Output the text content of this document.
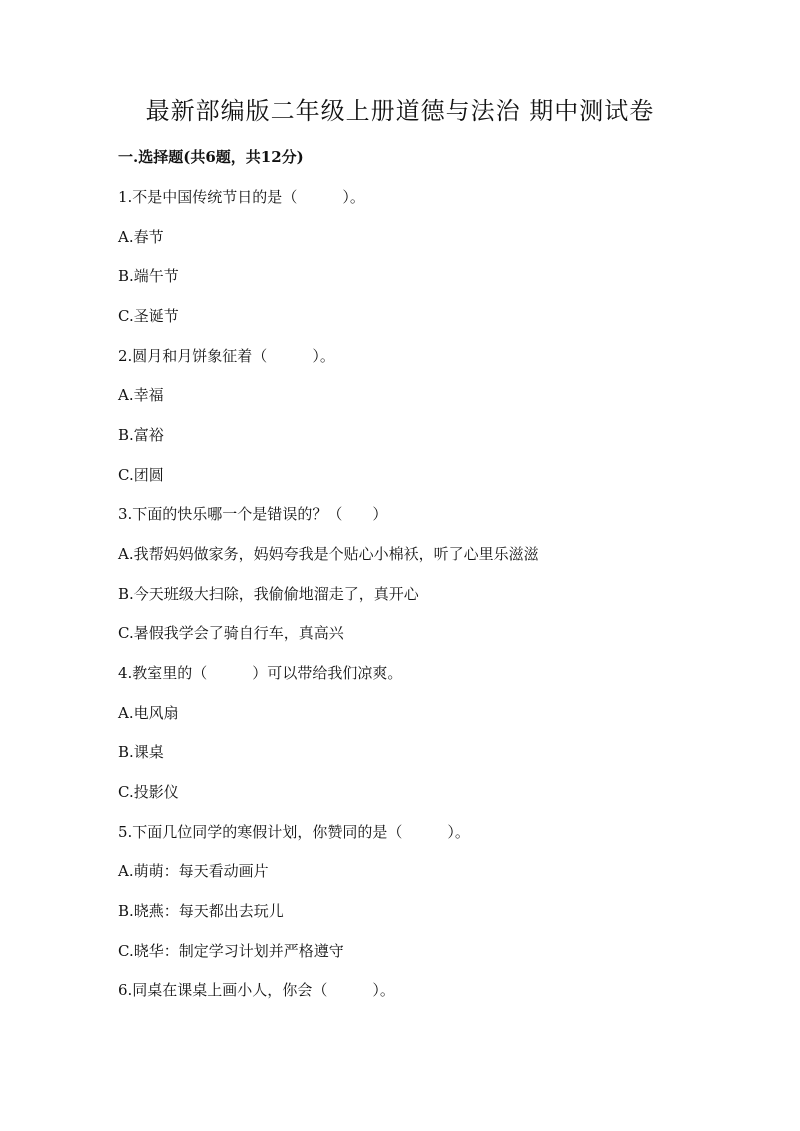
最新部编版二年级上册道德与法治 期中测试卷
一.选择题(共6题，共12分)
1.不是中国传统节日的是（　　　）。
A.春节
B.端午节
C.圣诞节
2.圆月和月饼象征着（　　　）。
A.幸福
B.富裕
C.团圆
3.下面的快乐哪一个是错误的？（　　）
A.我帮妈妈做家务，妈妈夸我是个贴心小棉袄，听了心里乐滋滋
B.今天班级大扫除，我偷偷地溜走了，真开心
C.暑假我学会了骑自行车，真高兴
4.教室里的（　　　）可以带给我们凉爽。
A.电风扇
B.课桌
C.投影仪
5.下面几位同学的寒假计划，你赞同的是（　　　）。
A.萌萌：每天看动画片
B.晓燕：每天都出去玩儿
C.晓华：制定学习计划并严格遵守
6.同桌在课桌上画小人，你会（　　　）。
